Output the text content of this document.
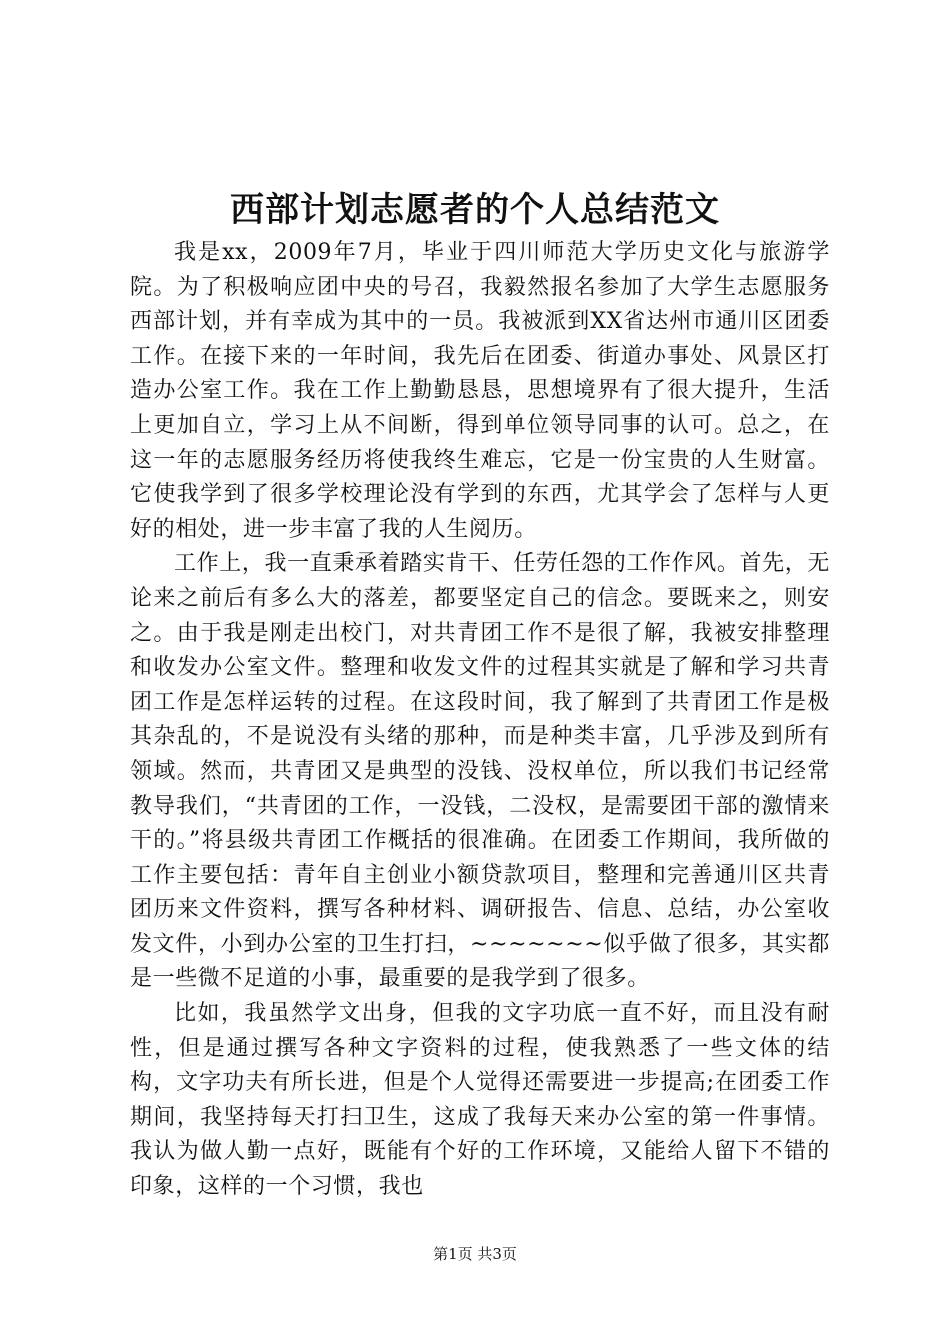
西部计划志愿者的个人总结范文

我是xx，2009年7月，毕业于四川师范大学历史文化与旅游学院。为了积极响应团中央的号召，我毅然报名参加了大学生志愿服务西部计划，并有幸成为其中的一员。我被派到XX省达州市通川区团委工作。在接下来的一年时间，我先后在团委、街道办事处、风景区打造办公室工作。我在工作上勤勤恳恳，思想境界有了很大提升，生活上更加自立，学习上从不间断，得到单位领导同事的认可。总之，在这一年的志愿服务经历将使我终生难忘，它是一份宝贵的人生财富。它使我学到了很多学校理论没有学到的东西，尤其学会了怎样与人更好的相处，进一步丰富了我的人生阅历。

工作上，我一直秉承着踏实肯干、任劳任怨的工作作风。首先，无论来之前后有多么大的落差，都要坚定自己的信念。要既来之，则安之。由于我是刚走出校门，对共青团工作不是很了解，我被安排整理和收发办公室文件。整理和收发文件的过程其实就是了解和学习共青团工作是怎样运转的过程。在这段时间，我了解到了共青团工作是极其杂乱的，不是说没有头绪的那种，而是种类丰富，几乎涉及到所有领域。然而，共青团又是典型的没钱、没权单位，所以我们书记经常教导我们，“共青团的工作，一没钱，二没权，是需要团干部的激情来干的。”将县级共青团工作概括的很准确。在团委工作期间，我所做的工作主要包括：青年自主创业小额贷款项目，整理和完善通川区共青团历来文件资料，撰写各种材料、调研报告、信息、总结，办公室收发文件，小到办公室的卫生打扫，~~~~~~~似乎做了很多，其实都是一些微不足道的小事，最重要的是我学到了很多。

比如，我虽然学文出身，但我的文字功底一直不好，而且没有耐性，但是通过撰写各种文字资料的过程，使我熟悉了一些文体的结构，文字功夫有所长进，但是个人觉得还需要进一步提高;在团委工作期间，我坚持每天打扫卫生，这成了我每天来办公室的第一件事情。我认为做人勤一点好，既能有个好的工作环境，又能给人留下不错的印象，这样的一个习惯，我也

第1页 共3页
